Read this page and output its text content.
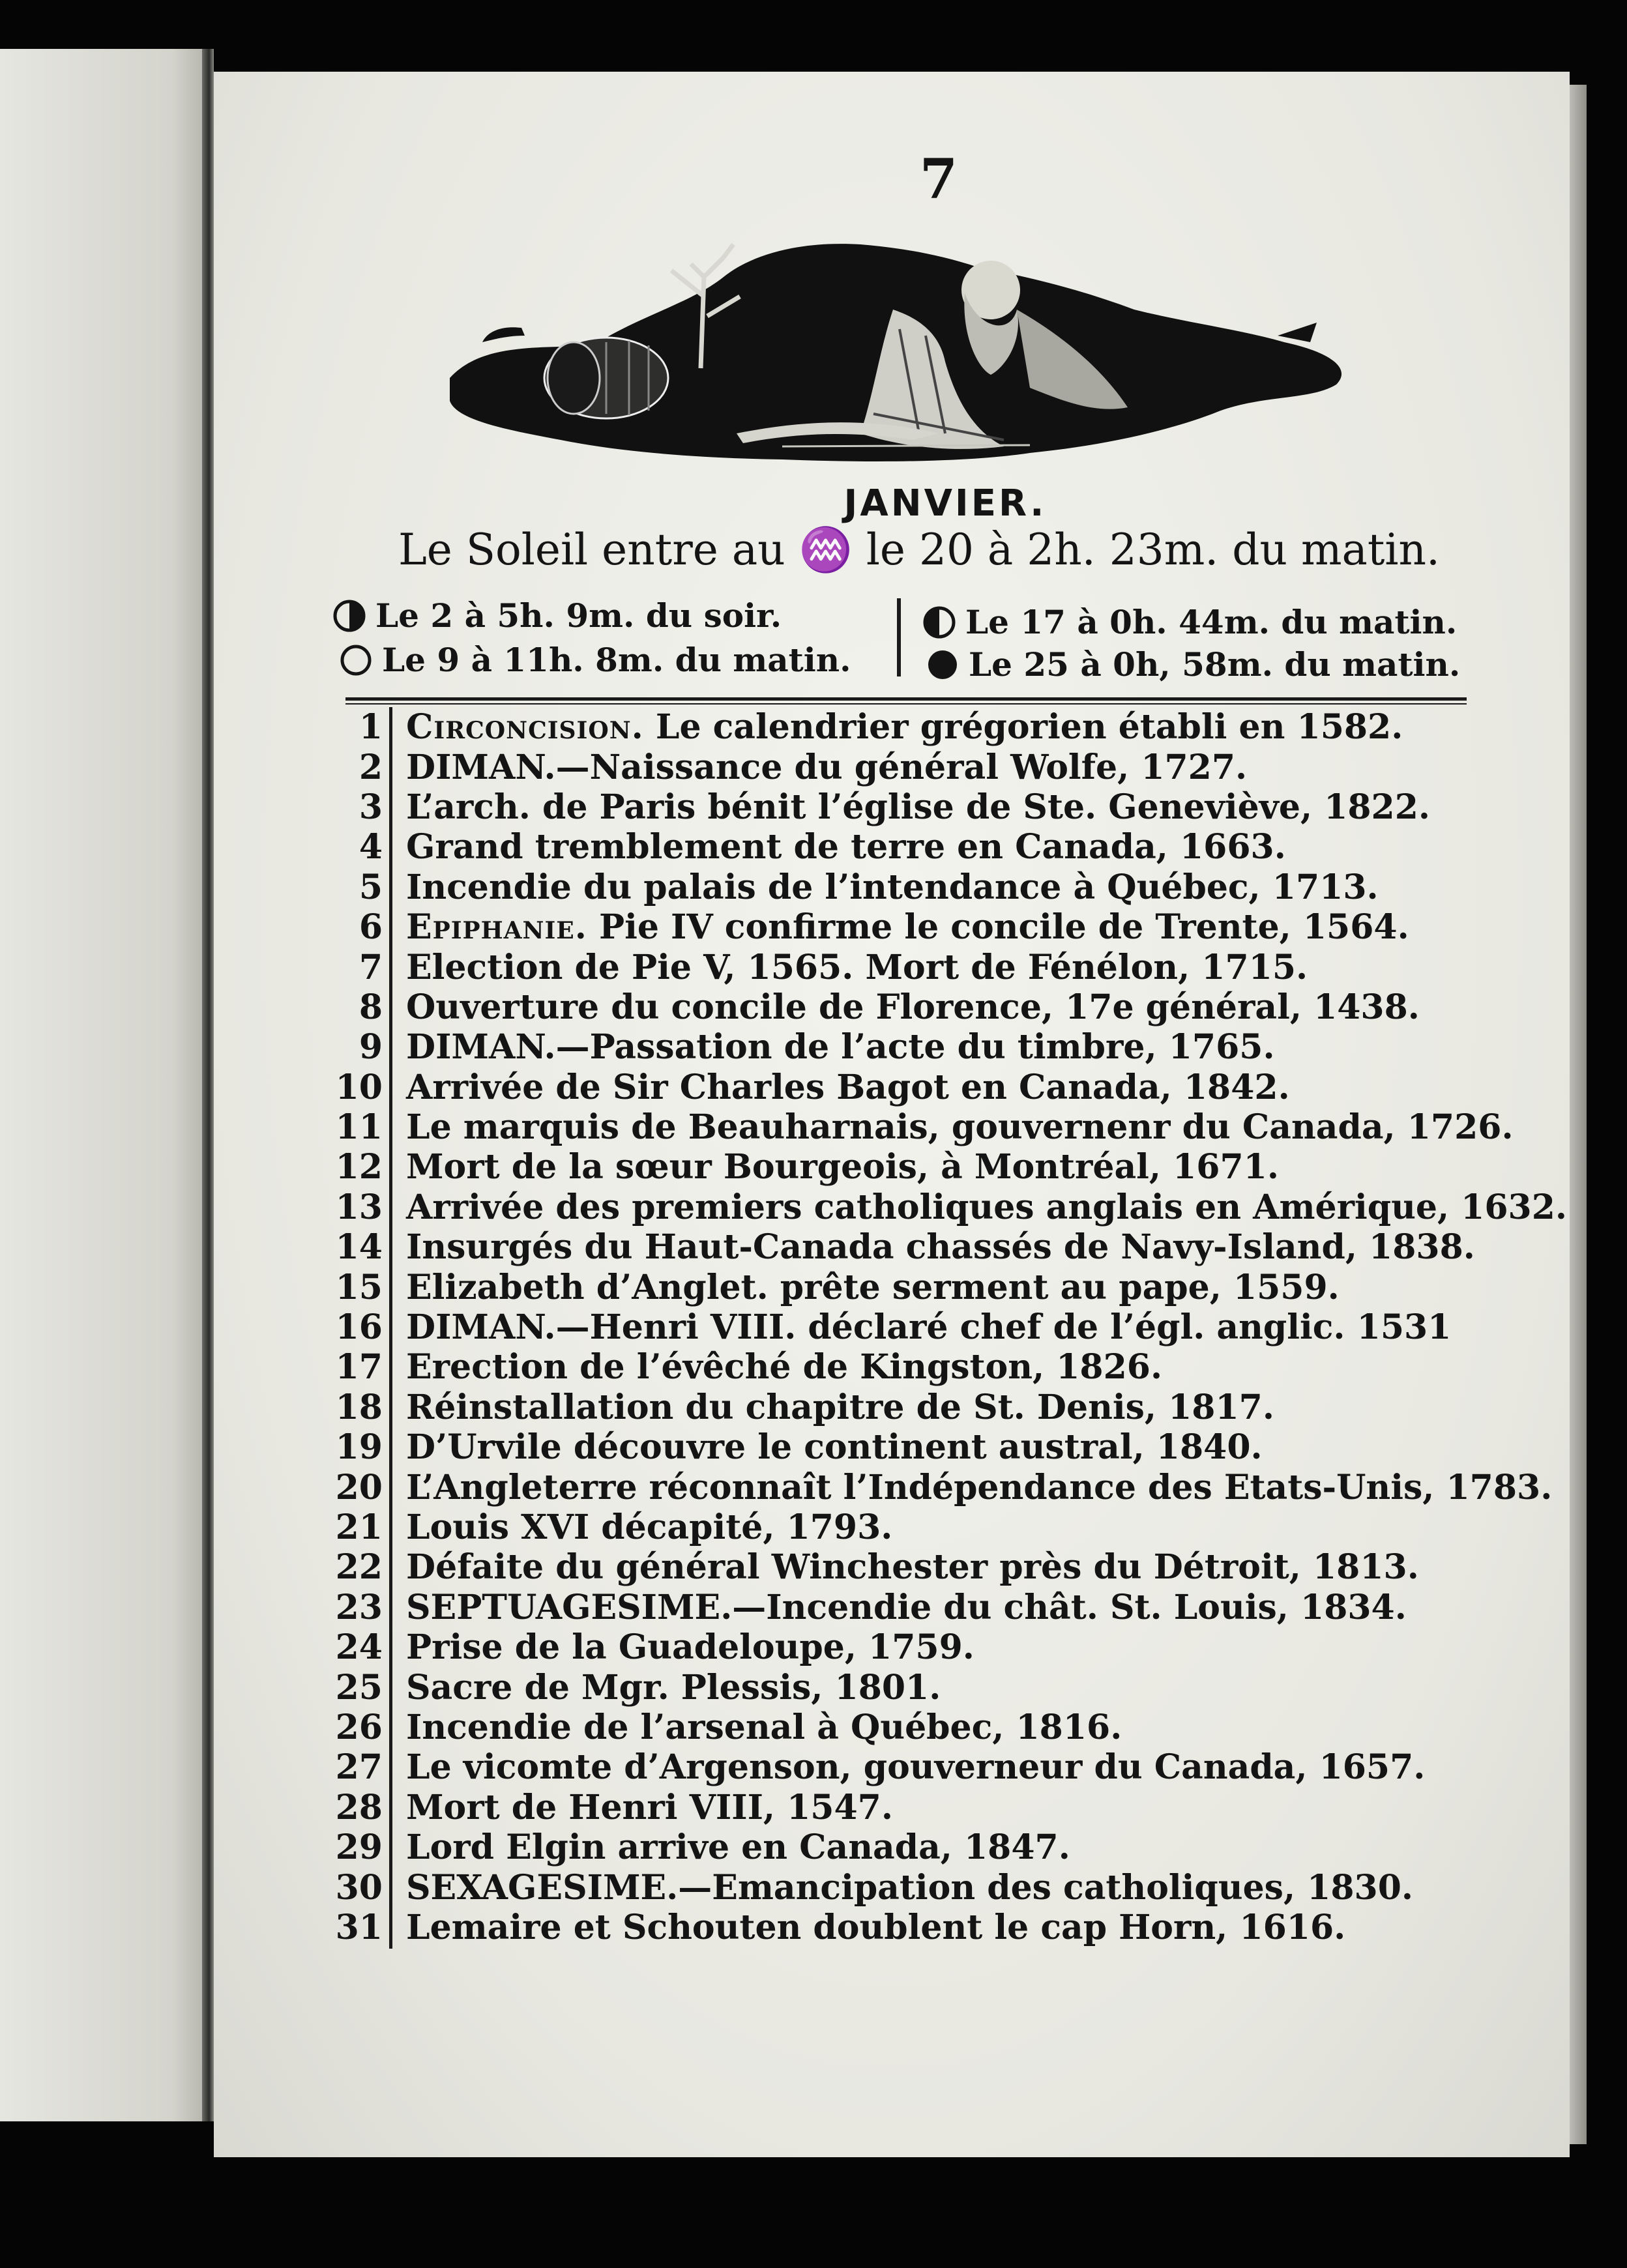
7
JANVIER.
Le Soleil entre au ♒ le 20 à 2h. 23m. du matin.
Le 2 à 5h. 9m. du soir.
Le 9 à 11h. 8m. du matin.
Le 17 à 0h. 44m. du matin.
Le 25 à 0h, 58m. du matin.
1 Circoncision. Le calendrier grégorien établi en 1582.
2 DIMAN.—Naissance du général Wolfe, 1727.
3 L’arch. de Paris bénit l’église de Ste. Geneviève, 1822.
4 Grand tremblement de terre en Canada, 1663.
5 Incendie du palais de l’intendance à Québec, 1713.
6 Epiphanie. Pie IV confirme le concile de Trente, 1564.
7 Election de Pie V, 1565. Mort de Fénélon, 1715.
8 Ouverture du concile de Florence, 17e général, 1438.
9 DIMAN.—Passation de l’acte du timbre, 1765.
10 Arrivée de Sir Charles Bagot en Canada, 1842.
11 Le marquis de Beauharnais, gouvernenr du Canada, 1726.
12 Mort de la sœur Bourgeois, à Montréal, 1671.
13 Arrivée des premiers catholiques anglais en Amérique, 1632.
14 Insurgés du Haut-Canada chassés de Navy-Island, 1838.
15 Elizabeth d’Anglet. prête serment au pape, 1559.
16 DIMAN.—Henri VIII. déclaré chef de l’égl. anglic. 1531
17 Erection de l’évêché de Kingston, 1826.
18 Réinstallation du chapitre de St. Denis, 1817.
19 D’Urvile découvre le continent austral, 1840.
20 L’Angleterre réconnaît l’Indépendance des Etats-Unis, 1783.
21 Louis XVI décapité, 1793.
22 Défaite du général Winchester près du Détroit, 1813.
23 SEPTUAGESIME.—Incendie du chât. St. Louis, 1834.
24 Prise de la Guadeloupe, 1759.
25 Sacre de Mgr. Plessis, 1801.
26 Incendie de l’arsenal à Québec, 1816.
27 Le vicomte d’Argenson, gouverneur du Canada, 1657.
28 Mort de Henri VIII, 1547.
29 Lord Elgin arrive en Canada, 1847.
30 SEXAGESIME.—Emancipation des catholiques, 1830.
31 Lemaire et Schouten doublent le cap Horn, 1616.
